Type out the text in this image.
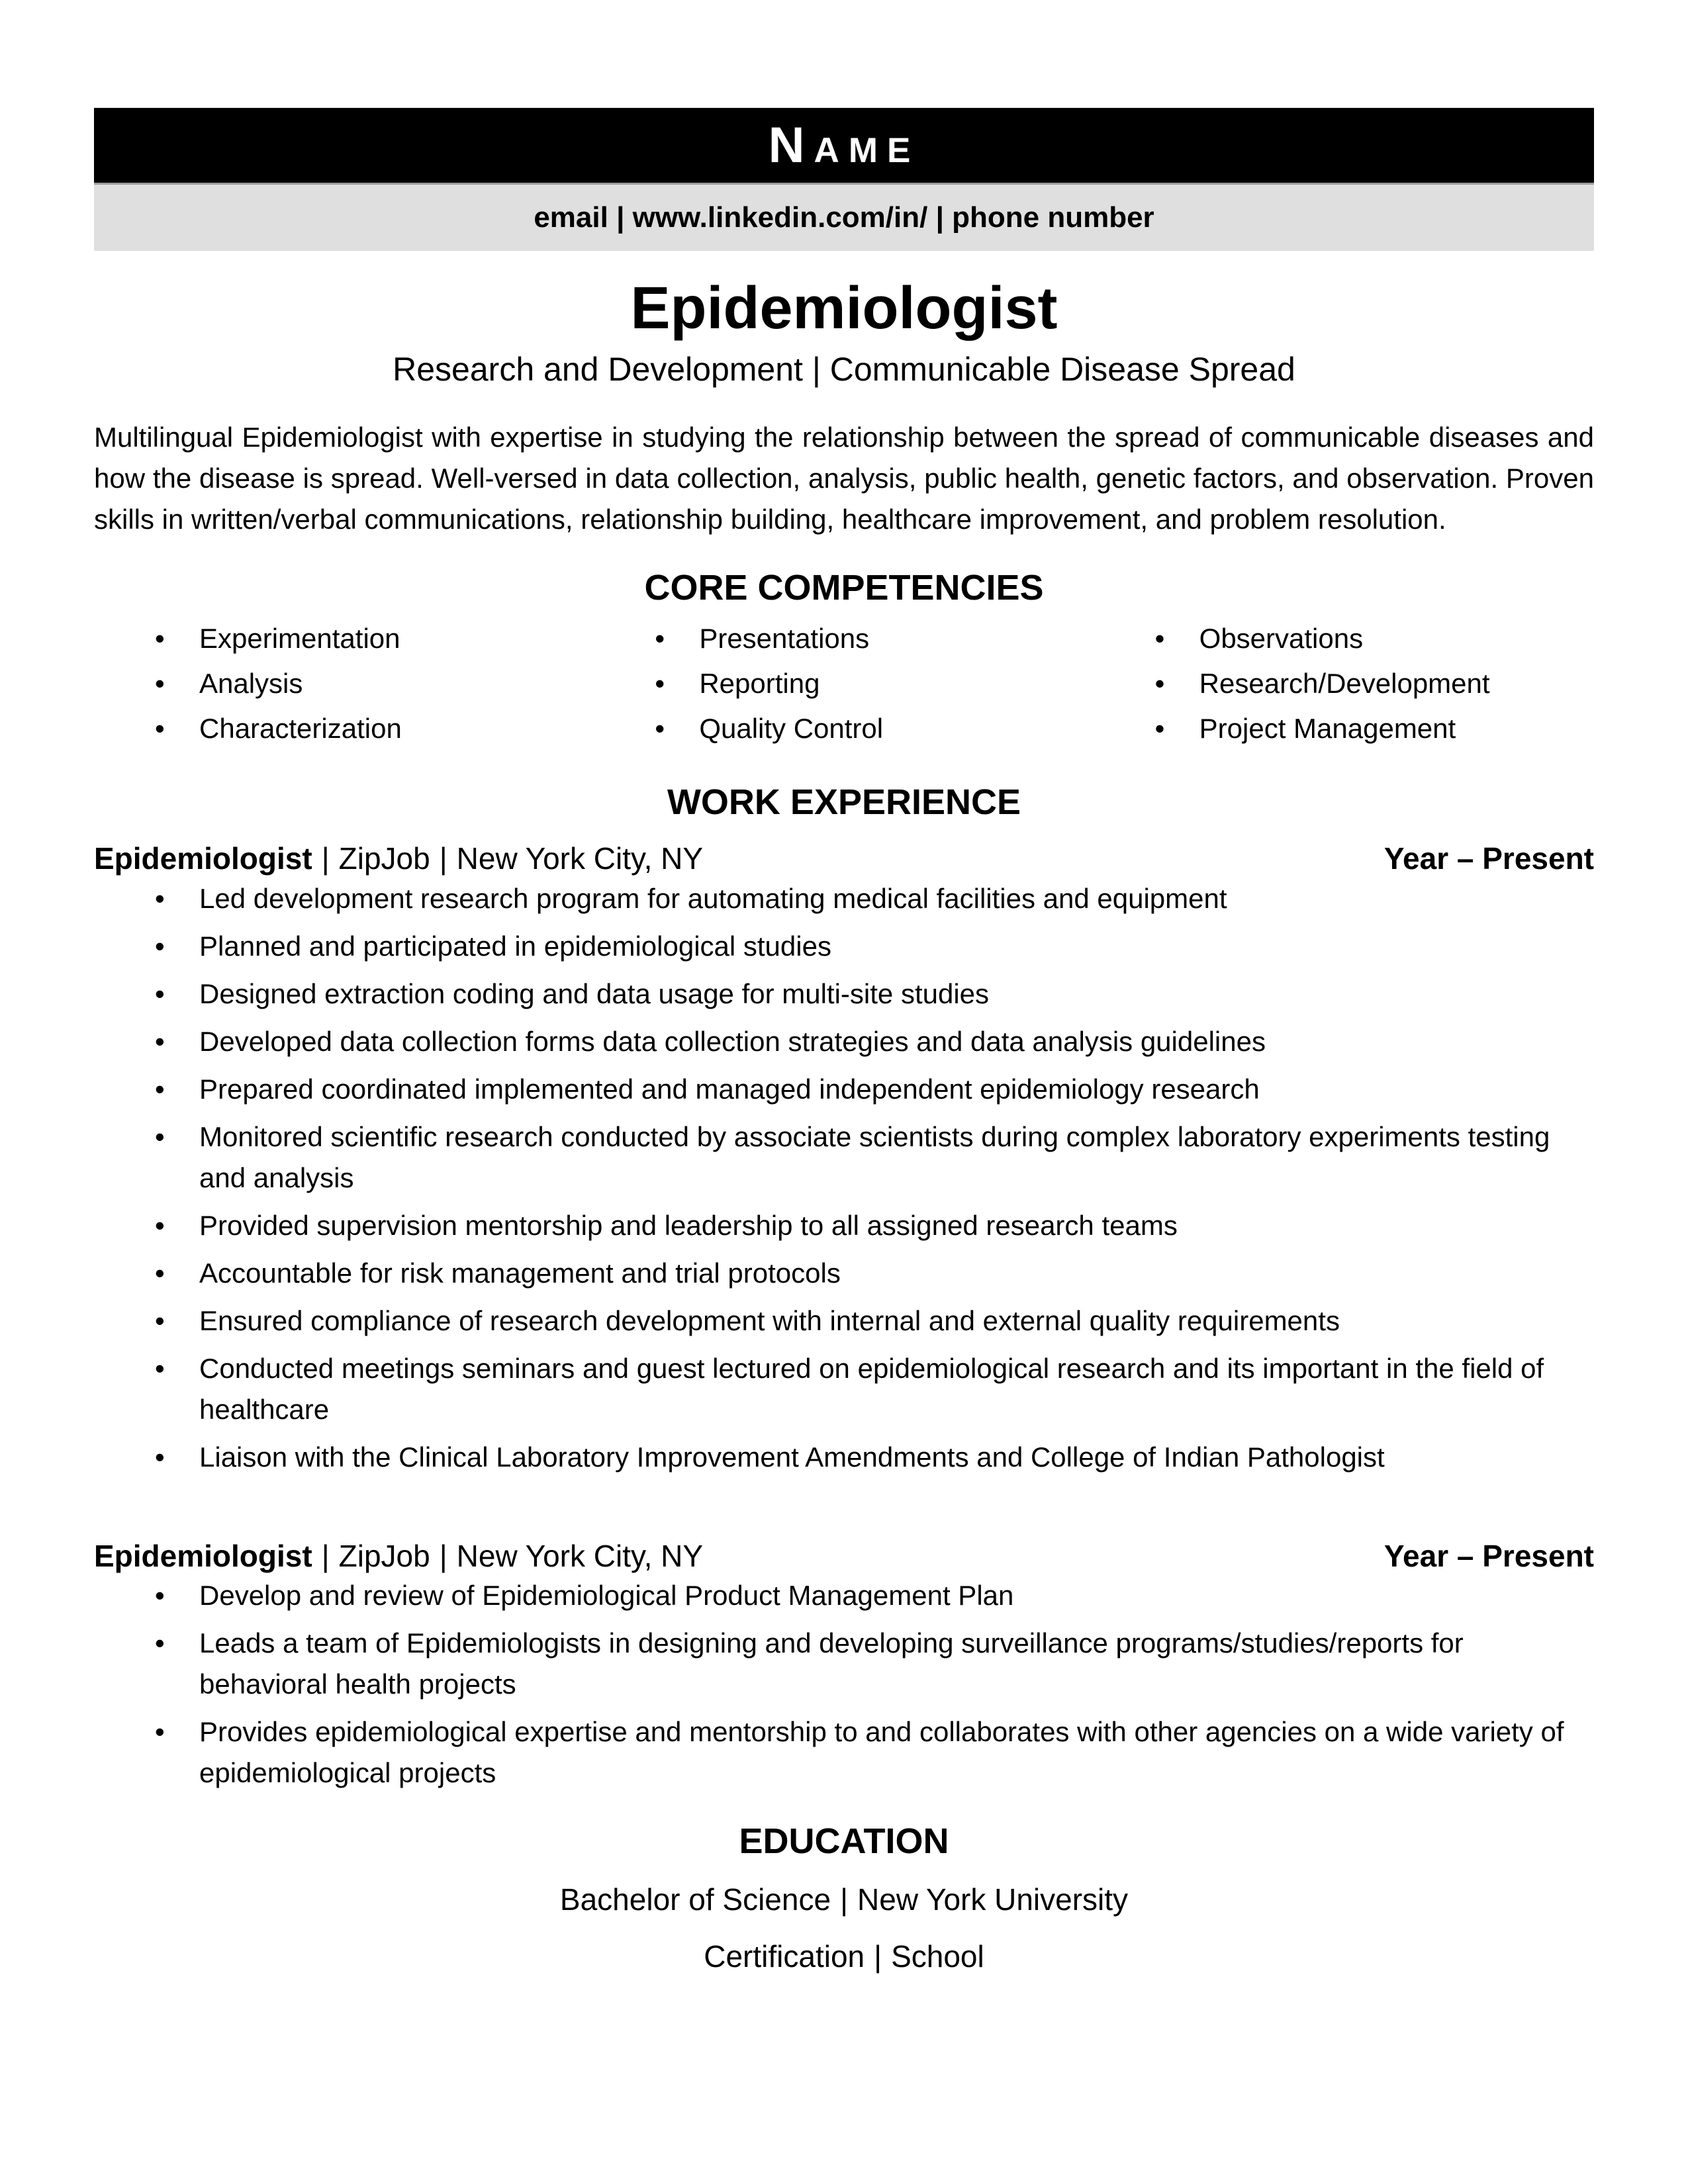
Name
email | www.linkedin.com/in/ | phone number
Epidemiologist
Research and Development | Communicable Disease Spread
Multilingual Epidemiologist with expertise in studying the relationship between the spread of communicable diseases and how the disease is spread. Well-versed in data collection, analysis, public health, genetic factors, and observation. Proven skills in written/verbal communications, relationship building, healthcare improvement, and problem resolution.
CORE COMPETENCIES
•
Experimentation
•
Analysis
•
Characterization
•
Presentations
•
Reporting
•
Quality Control
•
Observations
•
Research/Development
•
Project Management
WORK EXPERIENCE
Epidemiologist | ZipJob | New York City, NY	Year – Present
•
Led development research program for automating medical facilities and equipment
•
Planned and participated in epidemiological studies
•
Designed extraction coding and data usage for multi-site studies
•
Developed data collection forms data collection strategies and data analysis guidelines
•
Prepared coordinated implemented and managed independent epidemiology research
•
Monitored scientific research conducted by associate scientists during complex laboratory experiments testing and analysis
•
Provided supervision mentorship and leadership to all assigned research teams
•
Accountable for risk management and trial protocols
•
Ensured compliance of research development with internal and external quality requirements
•
Conducted meetings seminars and guest lectured on epidemiological research and its important in the field of healthcare
•
Liaison with the Clinical Laboratory Improvement Amendments and College of Indian Pathologist
Epidemiologist | ZipJob | New York City, NY	Year – Present
•
Develop and review of Epidemiological Product Management Plan
•
Leads a team of Epidemiologists in designing and developing surveillance programs/studies/reports for behavioral health projects
•
Provides epidemiological expertise and mentorship to and collaborates with other agencies on a wide variety of epidemiological projects
EDUCATION
Bachelor of Science | New York University
Certification | School
